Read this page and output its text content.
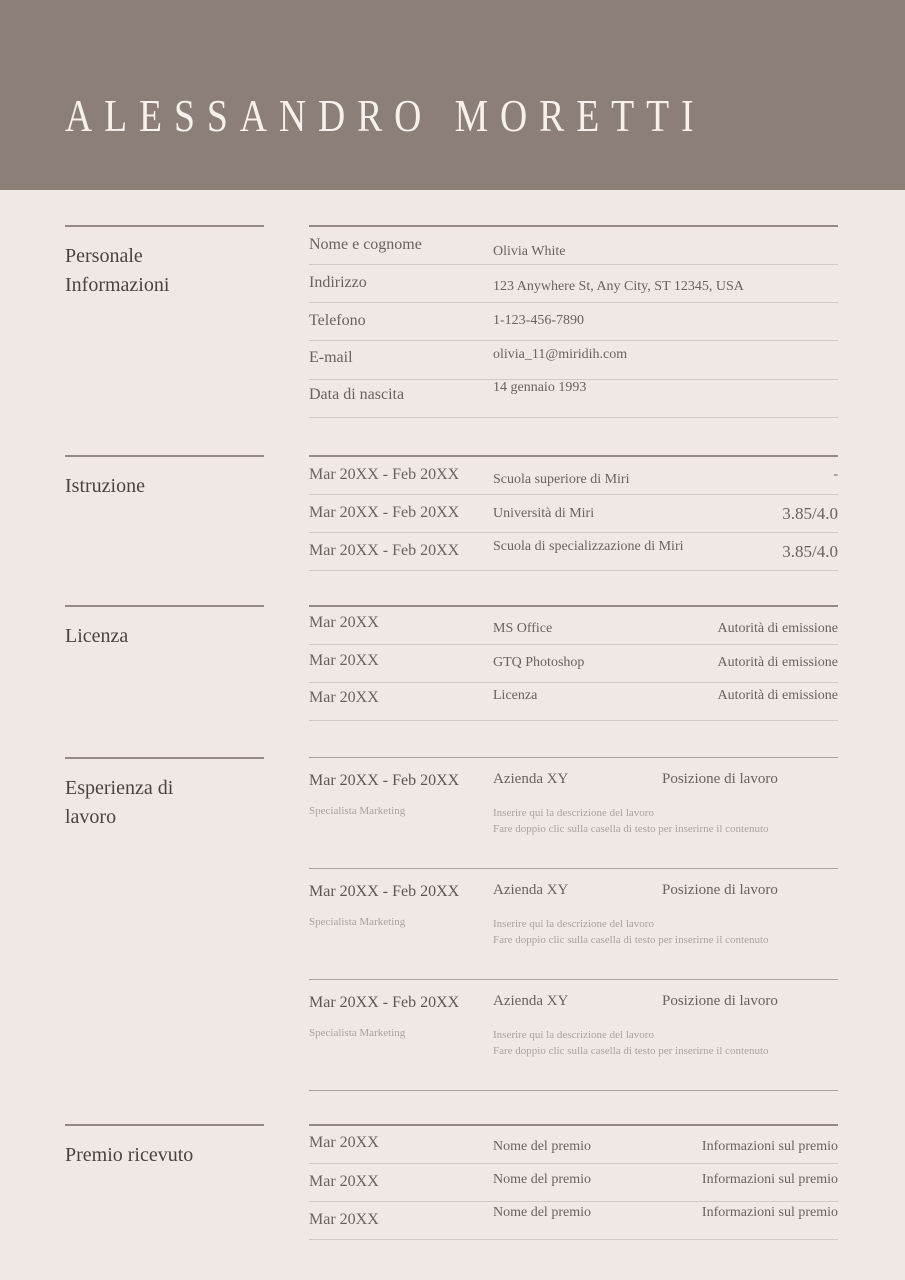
ALESSANDRO MORETTI
Personale
Informazioni
Nome e cognome	Olivia White
Indirizzo	123 Anywhere St, Any City, ST 12345, USA
Telefono	1-123-456-7890
E-mail	olivia_11@miridih.com
Data di nascita	14 gennaio 1993
Istruzione
Mar 20XX - Feb 20XX Scuola superiore di Miri	-
Mar 20XX - Feb 20XX Università di Miri	3.85/4.0
Mar 20XX - Feb 20XX Scuola di specializzazione di Miri	3.85/4.0
Licenza
Mar 20XX	MS Office	Autorità di emissione
Mar 20XX	GTQ Photoshop	Autorità di emissione
Mar 20XX	Licenza	Autorità di emissione
Esperienza di
lavoro
Mar 20XX - Feb 20XX Azienda XY	Posizione di lavoro
Specialista Marketing	Inserire qui la descrizione del lavoro
Fare doppio clic sulla casella di testo per inserirne il contenuto
Mar 20XX - Feb 20XX Azienda XY	Posizione di lavoro
Specialista Marketing	Inserire qui la descrizione del lavoro
Fare doppio clic sulla casella di testo per inserirne il contenuto
Mar 20XX - Feb 20XX Azienda XY	Posizione di lavoro
Specialista Marketing	Inserire qui la descrizione del lavoro
Fare doppio clic sulla casella di testo per inserirne il contenuto
Premio ricevuto
Mar 20XX	Nome del premio	Informazioni sul premio
Mar 20XX	Nome del premio	Informazioni sul premio
Mar 20XX	Nome del premio	Informazioni sul premio
